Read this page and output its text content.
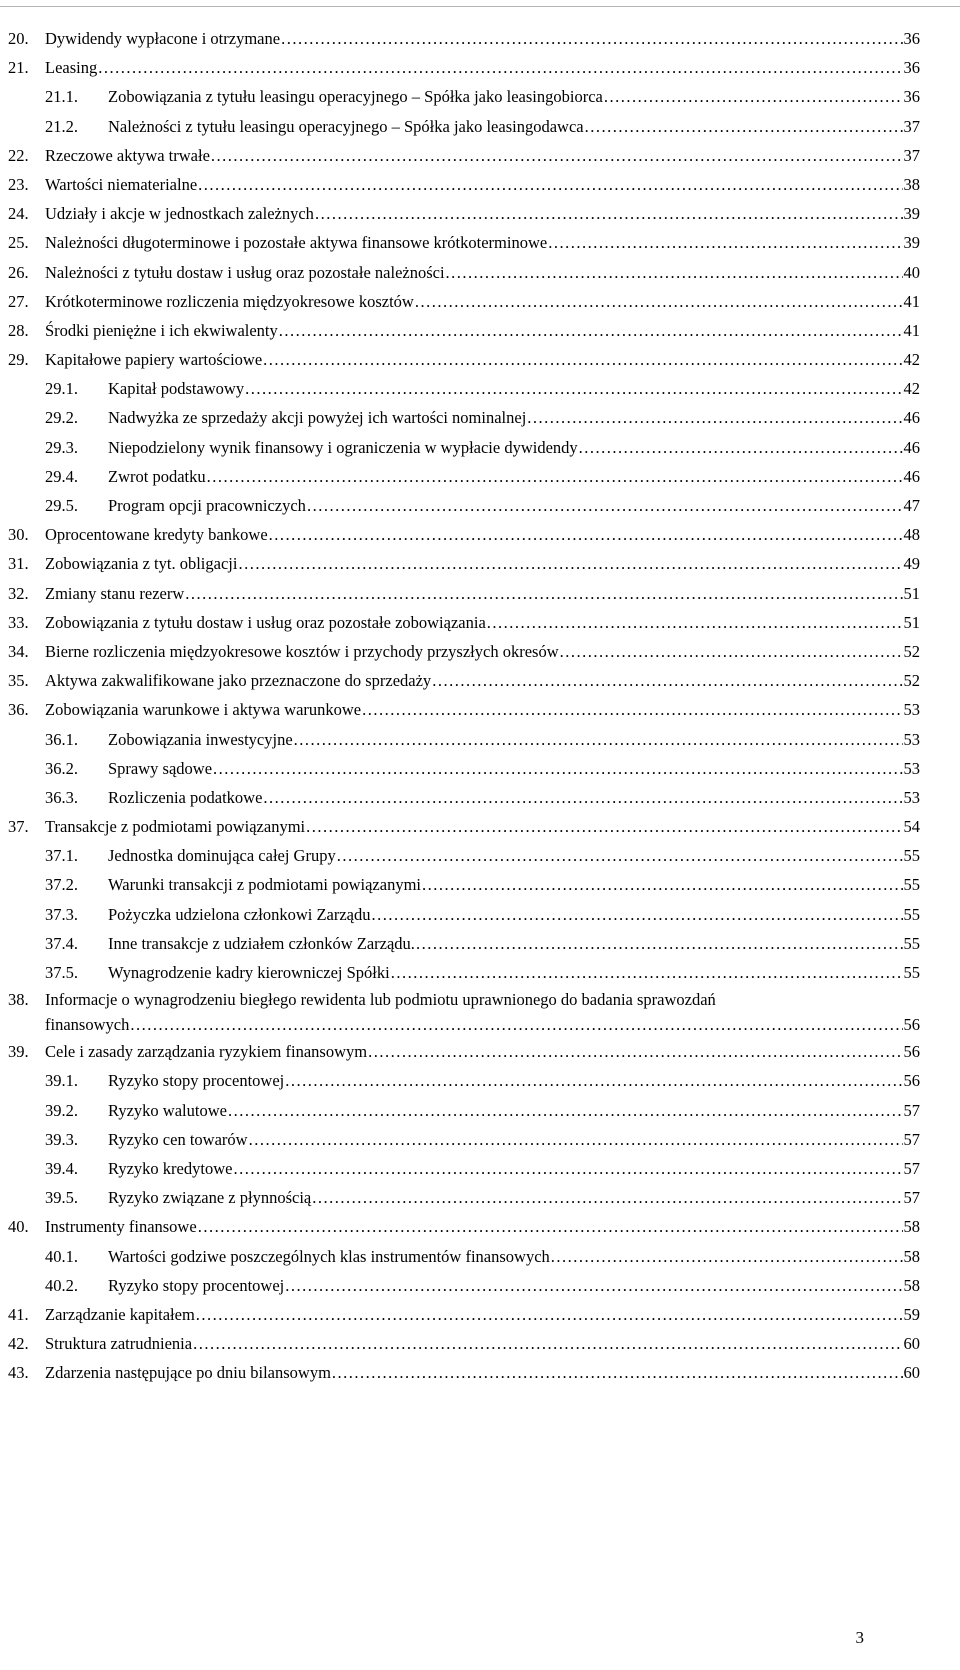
20. Dywidendy wypłacone i otrzymane .....	36
21. Leasing .....	36
21.1. Zobowiązania z tytułu leasingu operacyjnego – Spółka jako leasingobiorca .....	36
21.2. Należności z tytułu leasingu operacyjnego – Spółka jako leasingodawca .....	37
22. Rzeczowe aktywa trwałe .....	37
23. Wartości niematerialne .....	38
24. Udziały i akcje w jednostkach zależnych .....	39
25. Należności długoterminowe i pozostałe aktywa finansowe krótkoterminowe .....	39
26. Należności z tytułu dostaw i usług oraz pozostałe należności .....	40
27. Krótkoterminowe rozliczenia międzyokresowe kosztów .....	41
28. Środki pieniężne i ich ekwiwalenty .....	41
29. Kapitałowe papiery wartościowe .....	42
29.1. Kapitał podstawowy .....	42
29.2. Nadwyżka ze sprzedaży akcji powyżej ich wartości nominalnej .....	46
29.3. Niepodzielony wynik finansowy i ograniczenia w wypłacie dywidendy .....	46
29.4. Zwrot podatku .....	46
29.5. Program opcji pracowniczych .....	47
30. Oprocentowane kredyty bankowe .....	48
31. Zobowiązania z tyt. obligacji .....	49
32. Zmiany stanu rezerw .....	51
33. Zobowiązania z tytułu dostaw i usług oraz pozostałe zobowiązania .....	51
34. Bierne rozliczenia międzyokresowe kosztów i przychody przyszłych okresów .....	52
35. Aktywa zakwalifikowane jako przeznaczone do sprzedaży .....	52
36. Zobowiązania warunkowe i aktywa warunkowe .....	53
36.1. Zobowiązania inwestycyjne .....	53
36.2. Sprawy sądowe .....	53
36.3. Rozliczenia podatkowe .....	53
37. Transakcje z podmiotami powiązanymi .....	54
37.1. Jednostka dominująca całej Grupy .....	55
37.2. Warunki transakcji z podmiotami powiązanymi .....	55
37.3. Pożyczka udzielona członkowi Zarządu .....	55
37.4. Inne transakcje z udziałem członków Zarządu. .....	55
37.5. Wynagrodzenie kadry kierowniczej Spółki .....	55
38. Informacje o wynagrodzeniu biegłego rewidenta lub podmiotu uprawnionego do badania sprawozdań
finansowych .....	56
39. Cele i zasady zarządzania ryzykiem finansowym .....	56
39.1. Ryzyko stopy procentowej .....	56
39.2. Ryzyko walutowe .....	57
39.3. Ryzyko cen towarów .....	57
39.4. Ryzyko kredytowe .....	57
39.5. Ryzyko związane z płynnością .....	57
40. Instrumenty finansowe .....	58
40.1. Wartości godziwe poszczególnych klas instrumentów finansowych .....	58
40.2. Ryzyko stopy procentowej .....	58
41. Zarządzanie kapitałem .....	59
42. Struktura zatrudnienia .....	60
43. Zdarzenia następujące po dniu bilansowym .....	60
3
